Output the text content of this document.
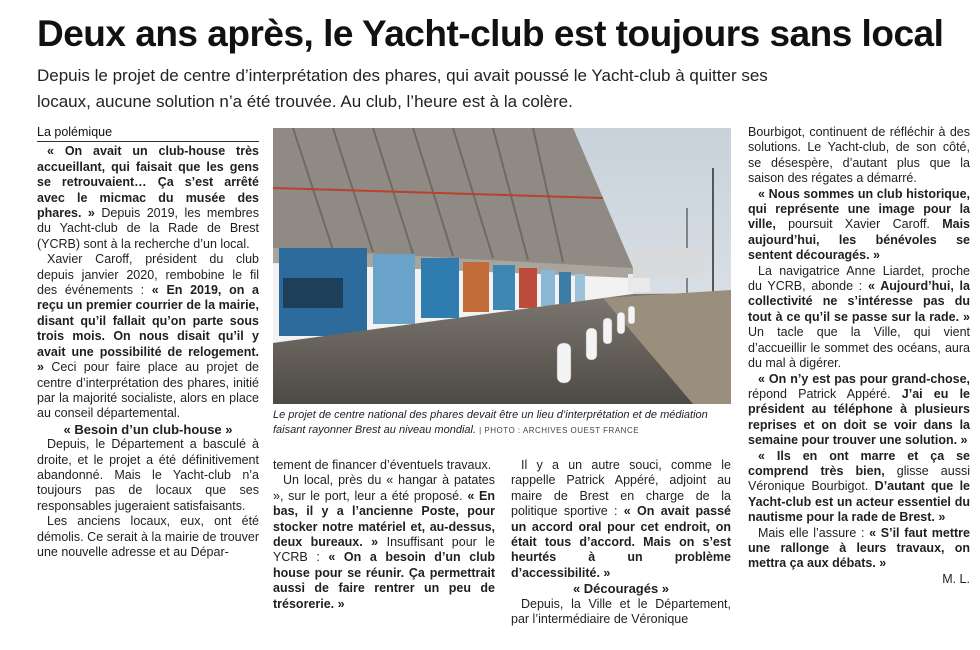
Deux ans après, le Yacht-club est toujours sans local
Depuis le projet de centre d’interprétation des phares, qui avait poussé le Yacht-club à quitter ses locaux, aucune solution n’a été trouvée. Au club, l’heure est à la colère.
La polémique

« On avait un club-house très accueillant, qui faisait que les gens se retrouvaient… Ça s’est arrêté avec le micmac du musée des phares. » Depuis 2019, les membres du Yacht-club de la Rade de Brest (YCRB) sont à la recherche d’un local.

Xavier Caroff, président du club depuis janvier 2020, rembobine le fil des événements : « En 2019, on a reçu un premier courrier de la mairie, disant qu’il fallait qu’on parte sous trois mois. On nous disait qu’il y avait une possibilité de relogement. » Ceci pour faire place au projet de centre d’interprétation des phares, initié par la majorité socialiste, alors en place au conseil départemental.

« Besoin d’un club-house »

Depuis, le Département a basculé à droite, et le projet a été définitivement abandonné. Mais le Yacht-club n’a toujours pas de locaux que ses responsables jugeraient satisfaisants.

Les anciens locaux, eux, ont été démolis. Ce serait à la mairie de trouver une nouvelle adresse et au Dépar-

Le projet de centre national des phares devait être un lieu d’interprétation et de médiation faisant rayonner Brest au niveau mondial. | PHOTO : ARCHIVES OUEST FRANCE

tement de financer d’éventuels travaux.

Un local, près du « hangar à patates », sur le port, leur a été proposé. « En bas, il y a l’ancienne Poste, pour stocker notre matériel et, au-dessus, deux bureaux. » Insuffisant pour le YCRB : « On a besoin d’un club house pour se réunir. Ça permettrait aussi de faire rentrer un peu de trésorerie. »

Il y a un autre souci, comme le rappelle Patrick Appéré, adjoint au maire de Brest en charge de la politique sportive : « On avait passé un accord oral pour cet endroit, on était tous d’accord. Mais on s’est heurtés à un problème d’accessibilité. »

« Découragés »

Depuis, la Ville et le Département, par l’intermédiaire de Véronique

Bourbigot, continuent de réfléchir à des solutions. Le Yacht-club, de son côté, se désespère, d’autant plus que la saison des régates a démarré.

« Nous sommes un club historique, qui représente une image pour la ville, poursuit Xavier Caroff. Mais aujourd’hui, les bénévoles se sentent découragés. »

La navigatrice Anne Liardet, proche du YCRB, abonde : « Aujourd’hui, la collectivité ne s’intéresse pas du tout à ce qu’il se passe sur la rade. » Un tacle que la Ville, qui vient d’accueillir le sommet des océans, aura du mal à digérer.

« On n’y est pas pour grand-chose, répond Patrick Appéré. J’ai eu le président au téléphone à plusieurs reprises et on doit se voir dans la semaine pour trouver une solution. »

« Ils en ont marre et ça se comprend très bien, glisse aussi Véronique Bourbigot. D’autant que le Yacht-club est un acteur essentiel du nautisme pour la rade de Brest. »

Mais elle l’assure : « S’il faut mettre une rallonge à leurs travaux, on mettra ça aux débats. »

M. L.
